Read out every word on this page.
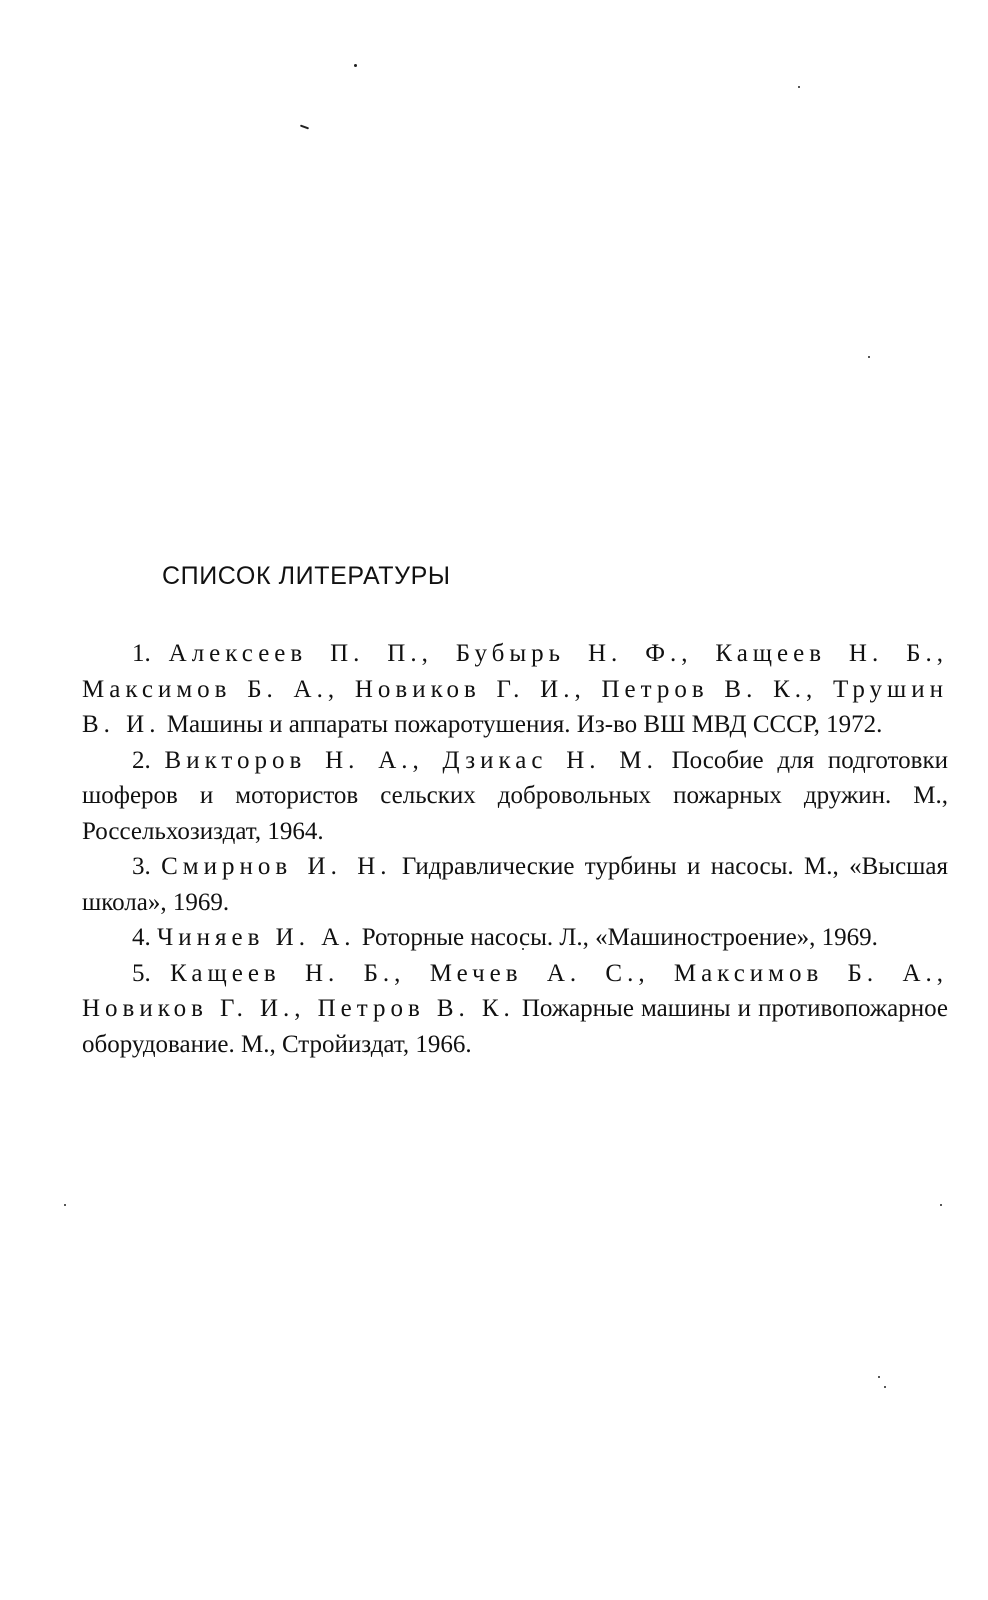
СПИСОК ЛИТЕРАТУРЫ
1. Алексеев П. П., Бубырь Н. Ф., Кащеев Н. Б., Максимов Б. А., Новиков Г. И., Петров В. К., Трушин В. И. Машины и аппараты пожаротушения. Из-во ВШ МВД СССР, 1972.
2. Викторов Н. А., Дзикас Н. М. Пособие для подготовки шоферов и мотористов сельских добровольных пожарных дружин. М., Россельхозиздат, 1964.
3. Смирнов И. Н. Гидравлические турбины и насосы. М., «Высшая школа», 1969.
4. Чиняев И. А. Роторные насосы. Л., «Машиностроение», 1969.
5. Кащеев Н. Б., Мечев А. С., Максимов Б. А., Новиков Г. И., Петров В. К. Пожарные машины и противопожарное оборудование. М., Стройиздат, 1966.
